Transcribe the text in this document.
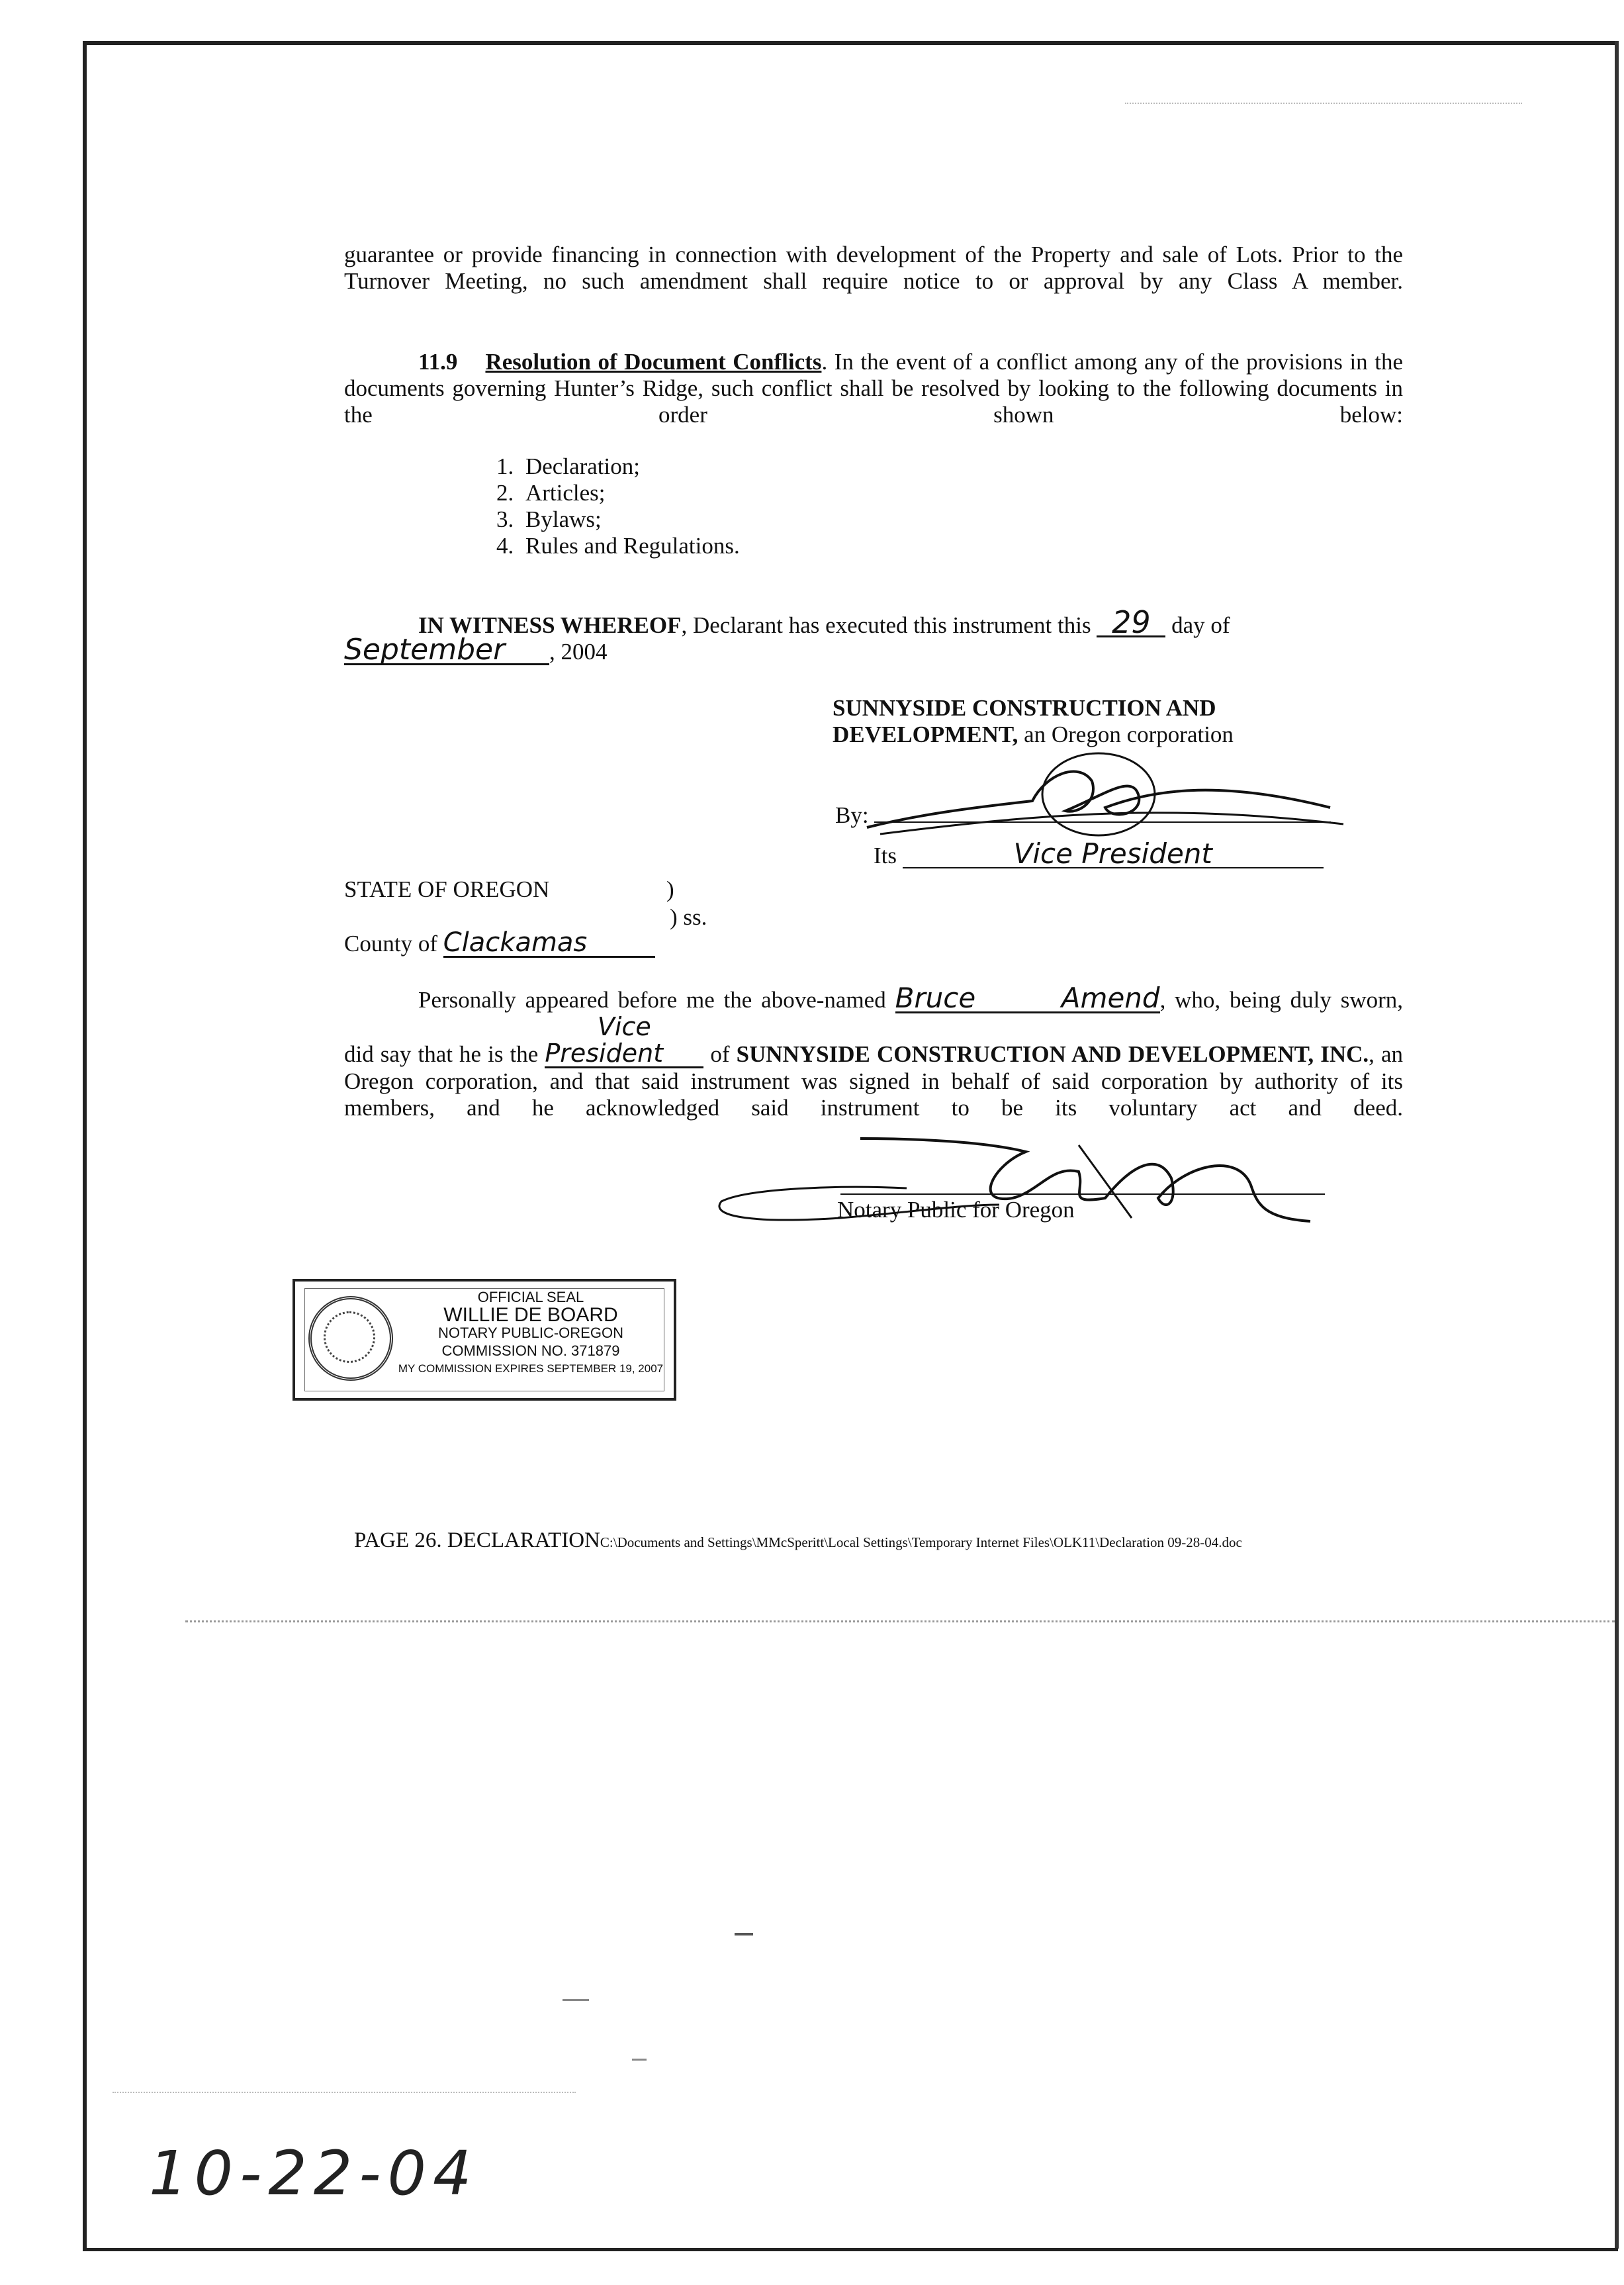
guarantee or provide financing in connection with development of the Property and sale of Lots. Prior to the Turnover Meeting, no such amendment shall require notice to or approval by any Class A member.
11.9 Resolution of Document Conflicts. In the event of a conflict among any of the provisions in the documents governing Hunter’s Ridge, such conflict shall be resolved by looking to the following documents in the order shown below:
1. Declaration;
2. Articles;
3. Bylaws;
4. Rules and Regulations.
IN WITNESS WHEREOF, Declarant has executed this instrument this 29 day of
September , 2004
SUNNYSIDE CONSTRUCTION AND
DEVELOPMENT, an Oregon corporation
By:
Its	Vice President
STATE OF OREGON	)
) ss.
County of Clackamas
Personally appeared before me the above-named Bruce Amend, who, being duly sworn, did say that he is the Vice President of SUNNYSIDE CONSTRUCTION AND DEVELOPMENT, INC., an Oregon corporation, and that said instrument was signed in behalf of said corporation by authority of its members, and he acknowledged said instrument to be its voluntary act and deed.
Notary Public for Oregon
OFFICIAL SEAL
WILLIE DE BOARD
NOTARY PUBLIC-OREGON
COMMISSION NO. 371879
MY COMMISSION EXPIRES SEPTEMBER 19, 2007
PAGE 26. DECLARATIONC:\Documents and Settings\MMcSperitt\Local Settings\Temporary Internet Files\OLK11\Declaration 09-28-04.doc
10-22-04
